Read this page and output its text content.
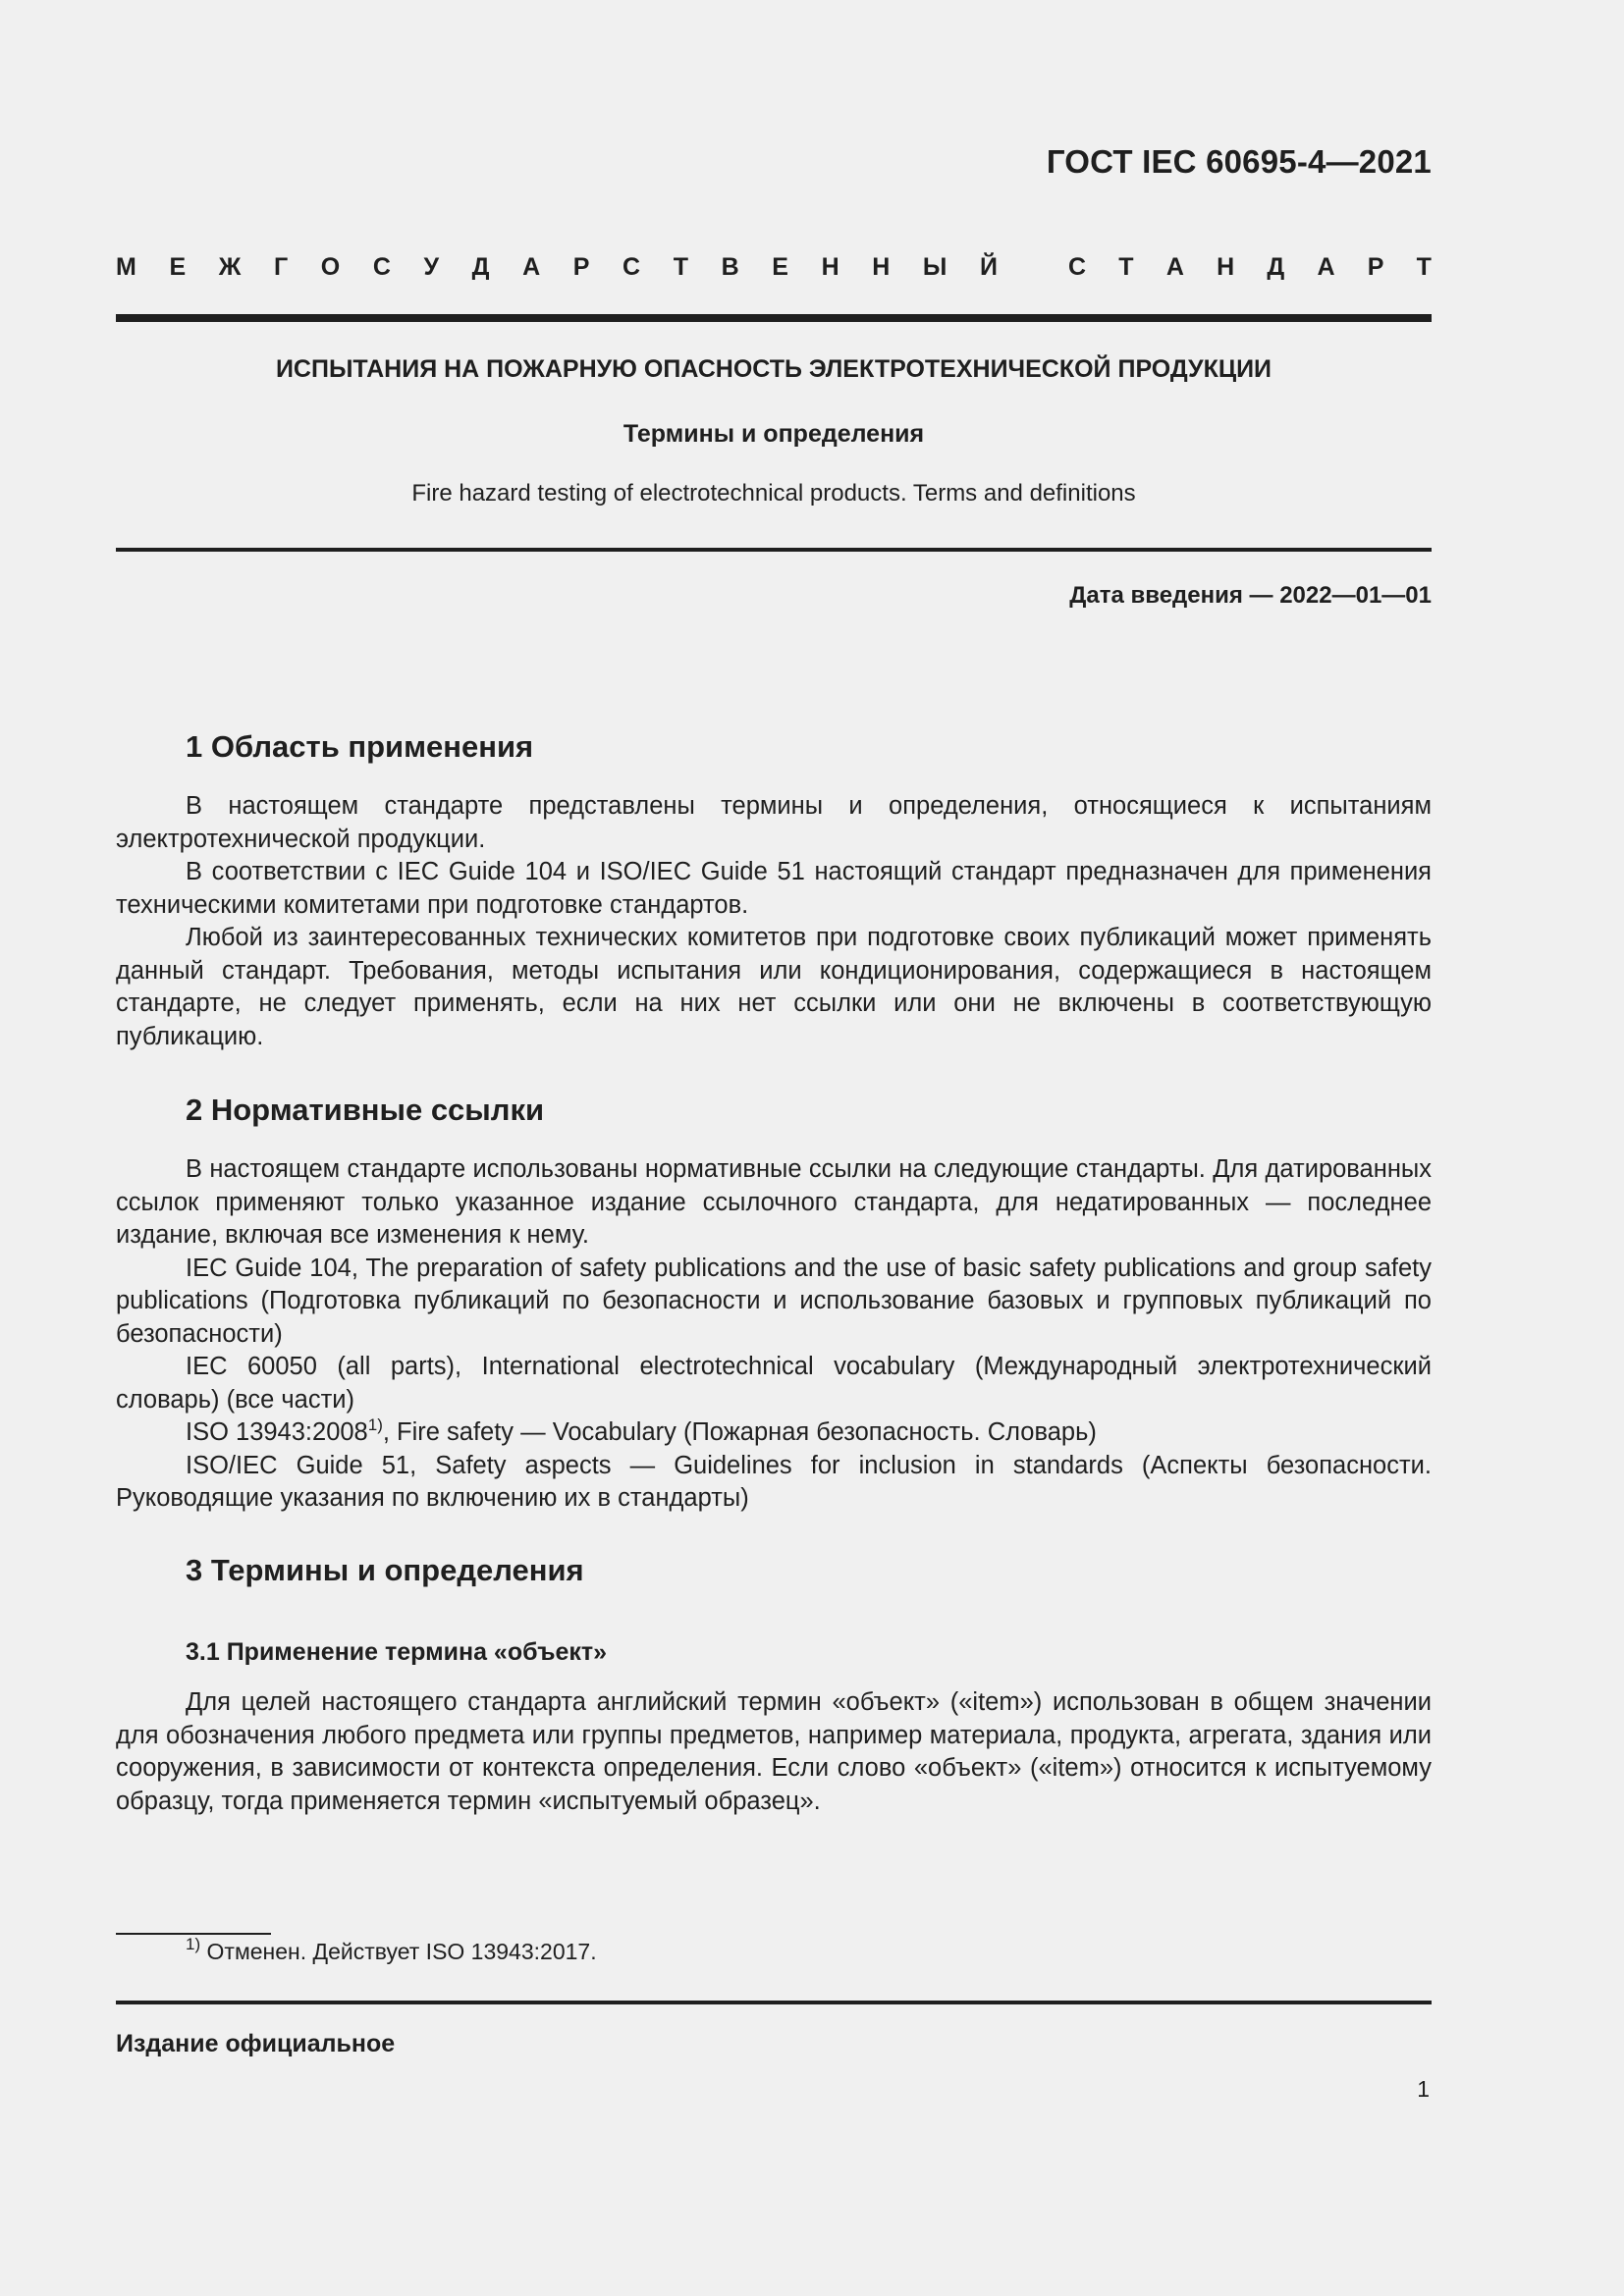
ГОСТ IEC 60695-4—2021
М Е Ж Г О С У Д А Р С Т В Е Н Н Ы Й	С Т А Н Д А Р Т
ИСПЫТАНИЯ НА ПОЖАРНУЮ ОПАСНОСТЬ ЭЛЕКТРОТЕХНИЧЕСКОЙ ПРОДУКЦИИ
Термины и определения
Fire hazard testing of electrotechnical products. Terms and definitions
Дата введения — 2022—01—01
1 Область применения

В настоящем стандарте представлены термины и определения, относящиеся к испытаниям электротехнической продукции.

В соответствии с IEC Guide 104 и ISO/IEC Guide 51 настоящий стандарт предназначен для применения техническими комитетами при подготовке стандартов.

Любой из заинтересованных технических комитетов при подготовке своих публикаций может применять данный стандарт. Требования, методы испытания или кондиционирования, содержащиеся в настоящем стандарте, не следует применять, если на них нет ссылки или они не включены в соответствующую публикацию.

2 Нормативные ссылки

В настоящем стандарте использованы нормативные ссылки на следующие стандарты. Для датированных ссылок применяют только указанное издание ссылочного стандарта, для недатированных — последнее издание, включая все изменения к нему.

IEC Guide 104, The preparation of safety publications and the use of basic safety publications and group safety publications (Подготовка публикаций по безопасности и использование базовых и групповых публикаций по безопасности)

IEC 60050 (all parts), International electrotechnical vocabulary (Международный электротехнический словарь) (все части)

ISO 13943:2008$^{1)}$, Fire safety — Vocabulary (Пожарная безопасность. Словарь)

ISO/IEC Guide 51, Safety aspects — Guidelines for inclusion in standards (Аспекты безопасности. Руководящие указания по включению их в стандарты)

3 Термины и определения
3.1 Применение термина «объект»

Для целей настоящего стандарта английский термин «объект» («item») использован в общем значении для обозначения любого предмета или группы предметов, например материала, продукта, агрегата, здания или сооружения, в зависимости от контекста определения. Если слово «объект» («item») относится к испытуемому образцу, тогда применяется термин «испытуемый образец».

$^{1)}$ Отменен. Действует ISO 13943:2017.
Издание официальное
1
